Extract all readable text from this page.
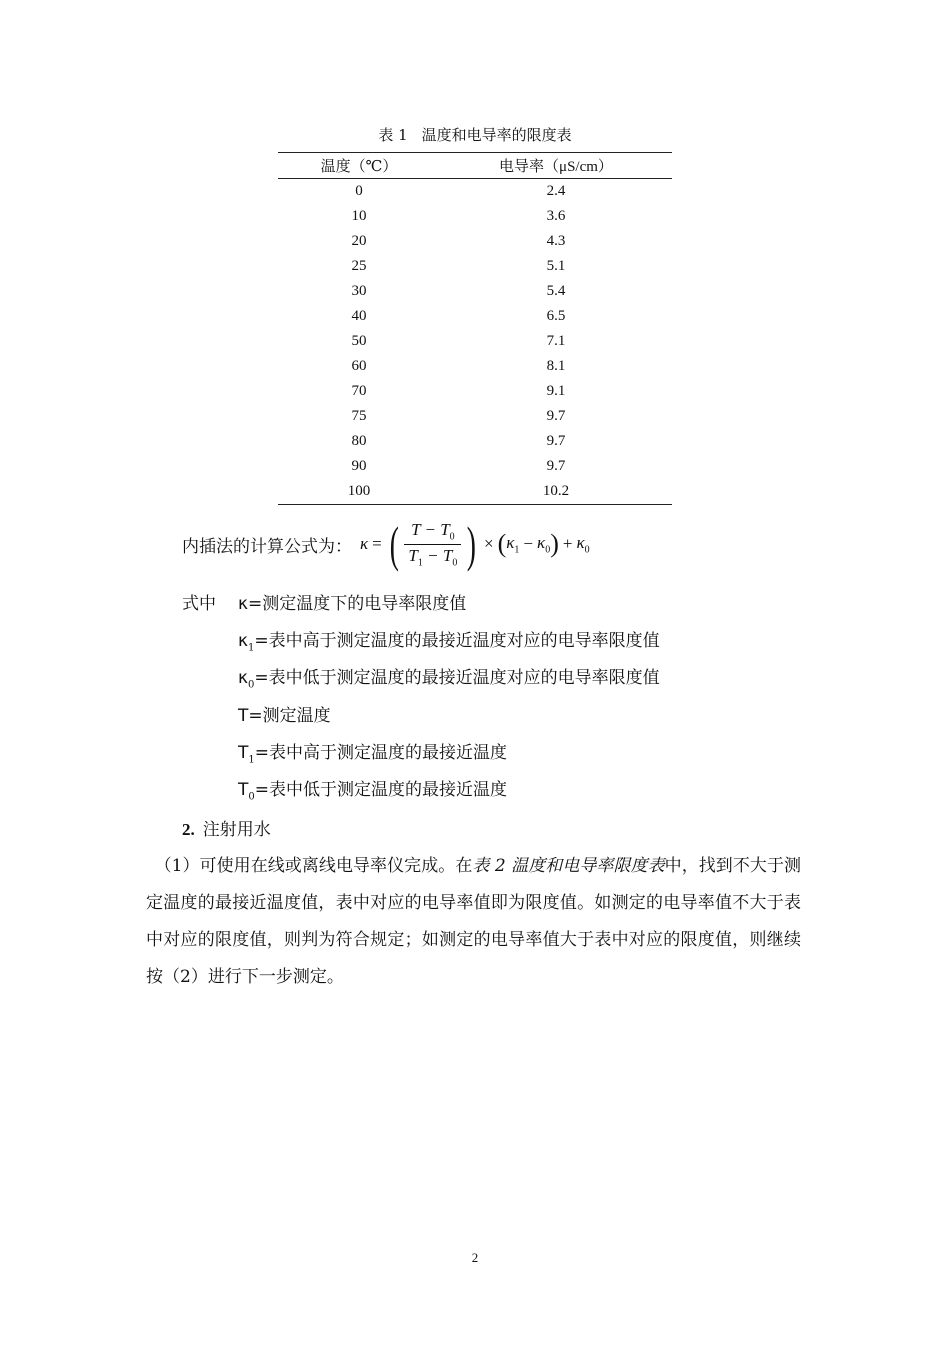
表 1 温度和电导率的限度表
温度（℃）	电导率（μS/cm）
0	2.4
10	3.6
20	4.3
25	5.1
30	5.4
40	6.5
50	7.1
60	8.1
70	9.1
75	9.7
80	9.7
90	9.7
100	10.2
内插法的计算公式为： κ = ( $\frac{T - T_0}{T_1 - T_0}$ ) × ( $\kappa_1 - \kappa_0$ ) + $\kappa_0$
式中	κ=测定温度下的电导率限度值
$\kappa_1=$表中高于测定温度的最接近温度对应的电导率限度值
$\kappa_0=$表中低于测定温度的最接近温度对应的电导率限度值
T=测定温度
$T_1=$表中高于测定温度的最接近温度
$T_0=$表中低于测定温度的最接近温度
2. 注射用水
　（1）可使用在线或离线电导率仪完成。在表 2 温度和电导率限度表中，找到不大于测定温度的最接近温度值，表中对应的电导率值即为限度值。如测定的电导率值不大于表中对应的限度值，则判为符合规定；如测定的电导率值大于表中对应的限度值，则继续按（2）进行下一步测定。
2
